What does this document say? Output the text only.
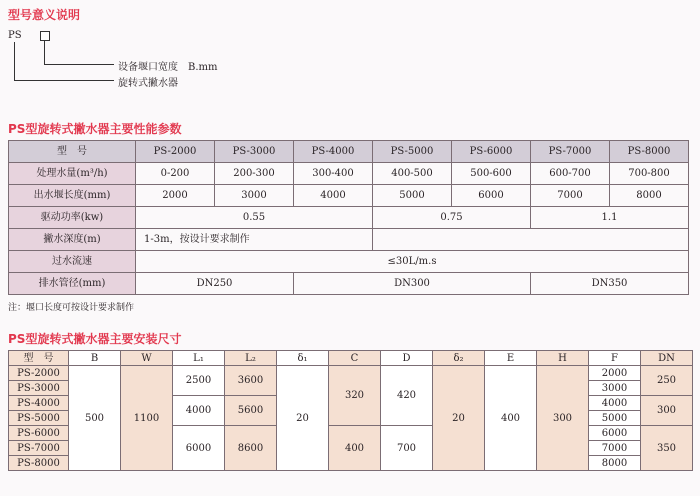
型号意义说明
PS
设备堰口宽度　B.mm
旋转式撇水器
PS型旋转式撇水器主要性能参数
型　号	PS-2000	PS-3000	PS-4000	PS-5000	PS-6000	PS-7000	PS-8000
处理水量(m³/h)	0-200	200-300	300-400	400-500	500-600	600-700	700-800
出水堰长度(mm)	2000	3000	4000	5000	6000	7000	8000
驱动功率(kw)	0.55			0.75		1.1	
撇水深度(m)	1-3m，按设计要求制作						
过水流速	≤30L/m.s						
排水管径(mm)	DN250		DN300			DN350	
注：堰口长度可按设计要求制作
PS型旋转式撇水器主要安装尺寸
型　号	B	W	L₁	L₂	δ₁	C	D	δ₂	E	H	F	DN
PS-2000	500	1100	2500	3600	20	320	420	20	400	300	2000	250
PS-3000											3000	
PS-4000			4000	5600							4000	300
PS-5000											5000	
PS-6000			6000	8600		400	700				6000	350
PS-7000											7000	
PS-8000											8000	
